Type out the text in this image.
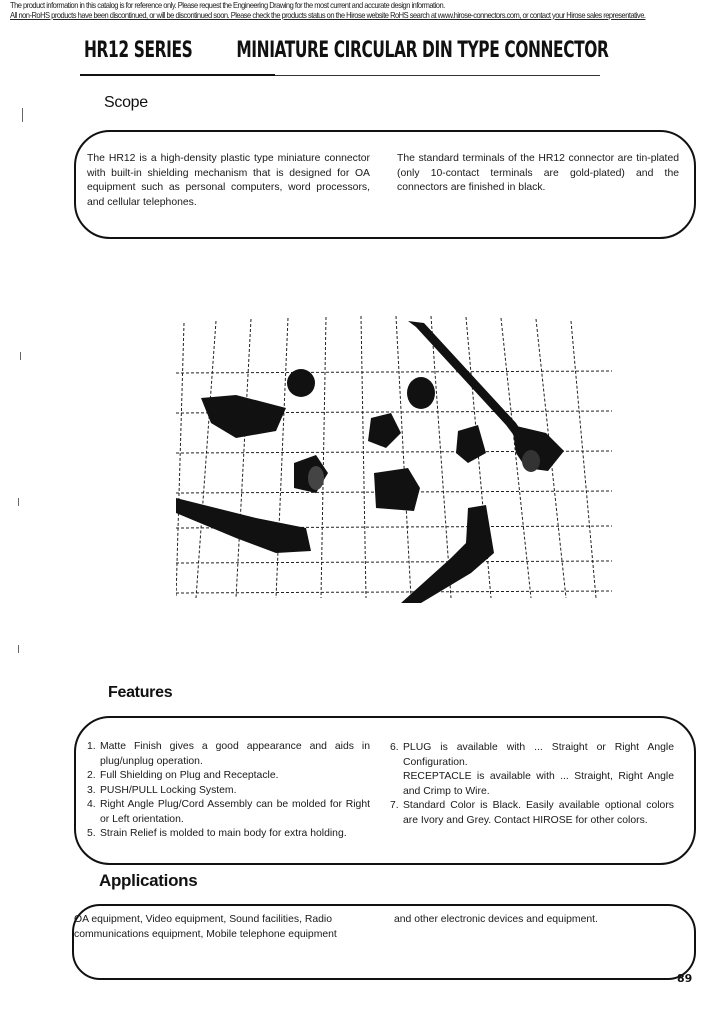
The product information in this catalog is for reference only. Please request the Engineering Drawing for the most current and accurate design information.
All non-RoHS products have been discontinued, or will be discontinued soon. Please check the products status on the Hirose website RoHS search at www.hirose-connectors.com, or contact your Hirose sales representative.
HR12 SERIES MINIATURE CIRCULAR DIN TYPE CONNECTOR
Scope
The HR12 is a high-density plastic type miniature connector with built-in shielding mechanism that is designed for OA equipment such as personal computers, word processors, and cellular telephones.
The standard terminals of the HR12 connector are tin-plated (only 10-contact terminals are gold-plated) and the connectors are finished in black.
Features
1. Matte Finish gives a good appearance and aids in plug/unplug operation.
2. Full Shielding on Plug and Receptacle.
3. PUSH/PULL Locking System.
4. Right Angle Plug/Cord Assembly can be molded for Right or Left orientation.
5. Strain Relief is molded to main body for extra holding.
6. PLUG is available with ... Straight or Right Angle Configuration.
RECEPTACLE is available with ... Straight, Right Angle and Crimp to Wire.
7. Standard Color is Black. Easily available optional colors are Ivory and Grey. Contact HIROSE for other colors.
Applications
OA equipment, Video equipment, Sound facilities, Radio communications equipment, Mobile telephone equipment
and other electronic devices and equipment.
89
